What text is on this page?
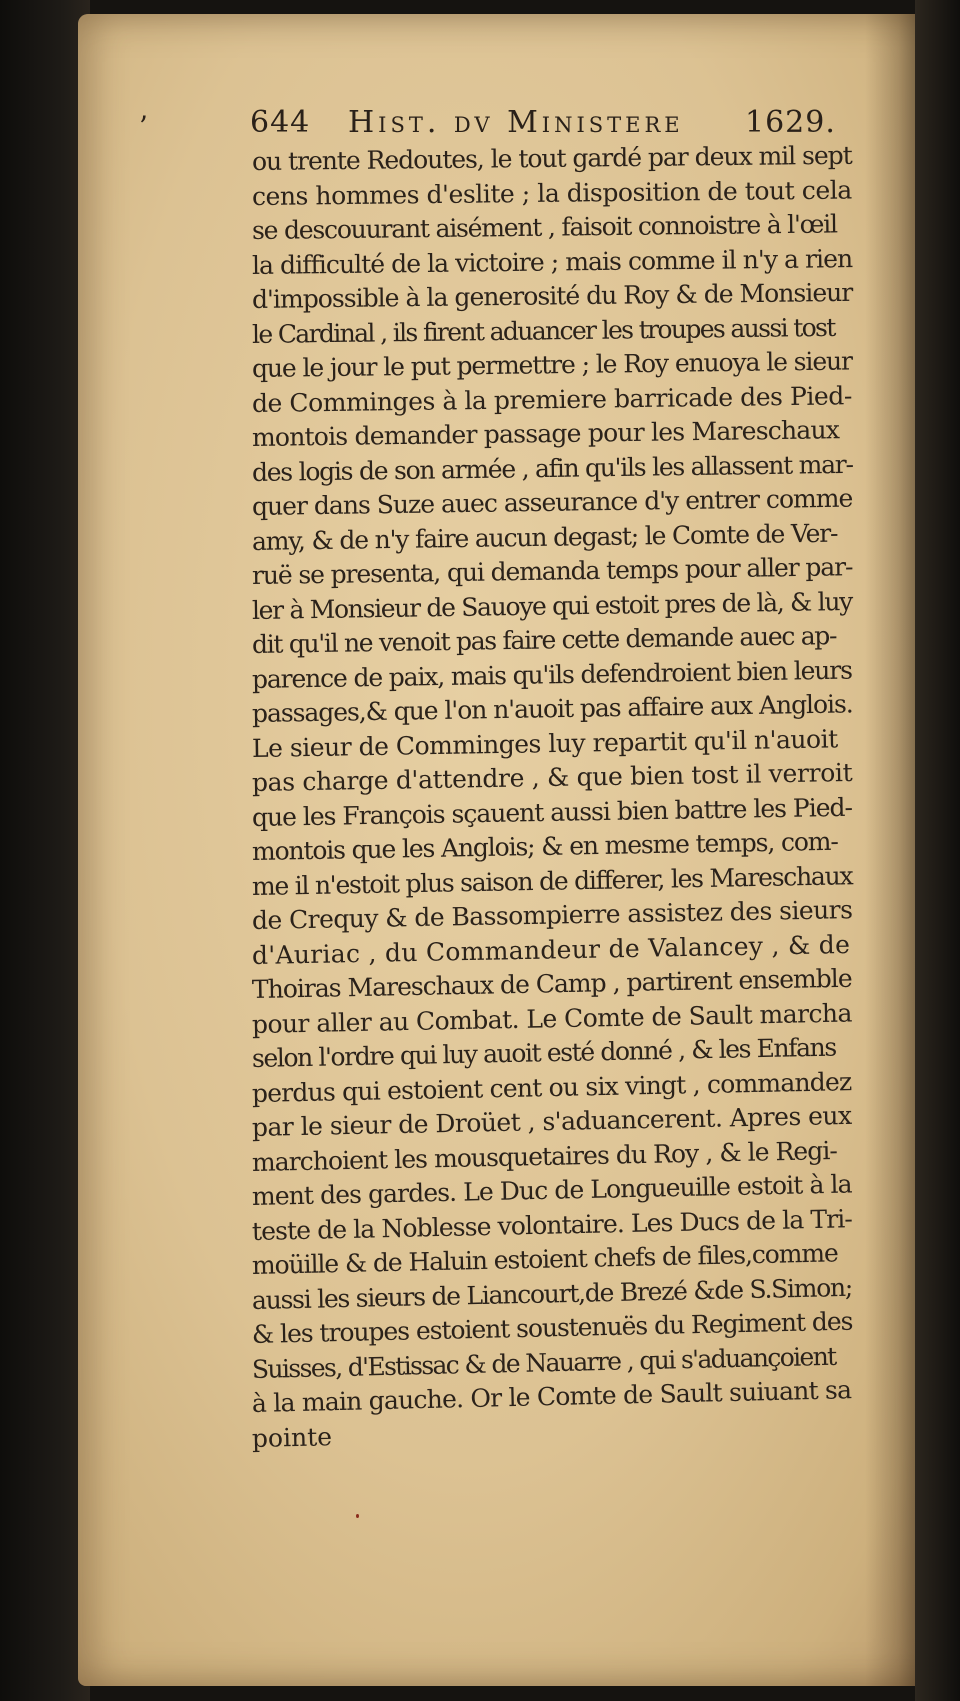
’	644 Hist. dv Ministere 1629.
ou trente Redoutes, le tout gardé par deux mil sept
cens hommes d'eslite ; la disposition de tout cela
se descouurant aisément , faisoit connoistre à l'œil
la difficulté de la victoire ; mais comme il n'y a rien
d'impossible à la generosité du Roy & de Monsieur
le Cardinal , ils firent aduancer les troupes aussi tost
que le jour le put permettre ; le Roy enuoya le sieur
de Comminges à la premiere barricade des Pied-
montois demander passage pour les Mareschaux
des logis de son armée , afin qu'ils les allassent mar-
quer dans Suze auec asseurance d'y entrer comme
amy, & de n'y faire aucun degast; le Comte de Ver-
ruë se presenta, qui demanda temps pour aller par-
ler à Monsieur de Sauoye qui estoit pres de là, & luy
dit qu'il ne venoit pas faire cette demande auec ap-
parence de paix, mais qu'ils defendroient bien leurs
passages,& que l'on n'auoit pas affaire aux Anglois.
Le sieur de Comminges luy repartit qu'il n'auoit
pas charge d'attendre , & que bien tost il verroit
que les François sçauent aussi bien battre les Pied-
montois que les Anglois; & en mesme temps, com-
me il n'estoit plus saison de differer, les Mareschaux
de Crequy & de Bassompierre assistez des sieurs
d'Auriac , du Commandeur de Valancey , & de
Thoiras Mareschaux de Camp , partirent ensemble
pour aller au Combat. Le Comte de Sault marcha
selon l'ordre qui luy auoit esté donné , & les Enfans
perdus qui estoient cent ou six vingt , commandez
par le sieur de Droüet , s'aduancerent. Apres eux
marchoient les mousquetaires du Roy , & le Regi-
ment des gardes. Le Duc de Longueuille estoit à la
teste de la Noblesse volontaire. Les Ducs de la Tri-
moüille & de Haluin estoient chefs de files,comme
aussi les sieurs de Liancourt,de Brezé &de S.Simon;
& les troupes estoient soustenuës du Regiment des
Suisses, d'Estissac & de Nauarre , qui s'aduançoient
à la main gauche. Or le Comte de Sault suiuant sa
pointe
